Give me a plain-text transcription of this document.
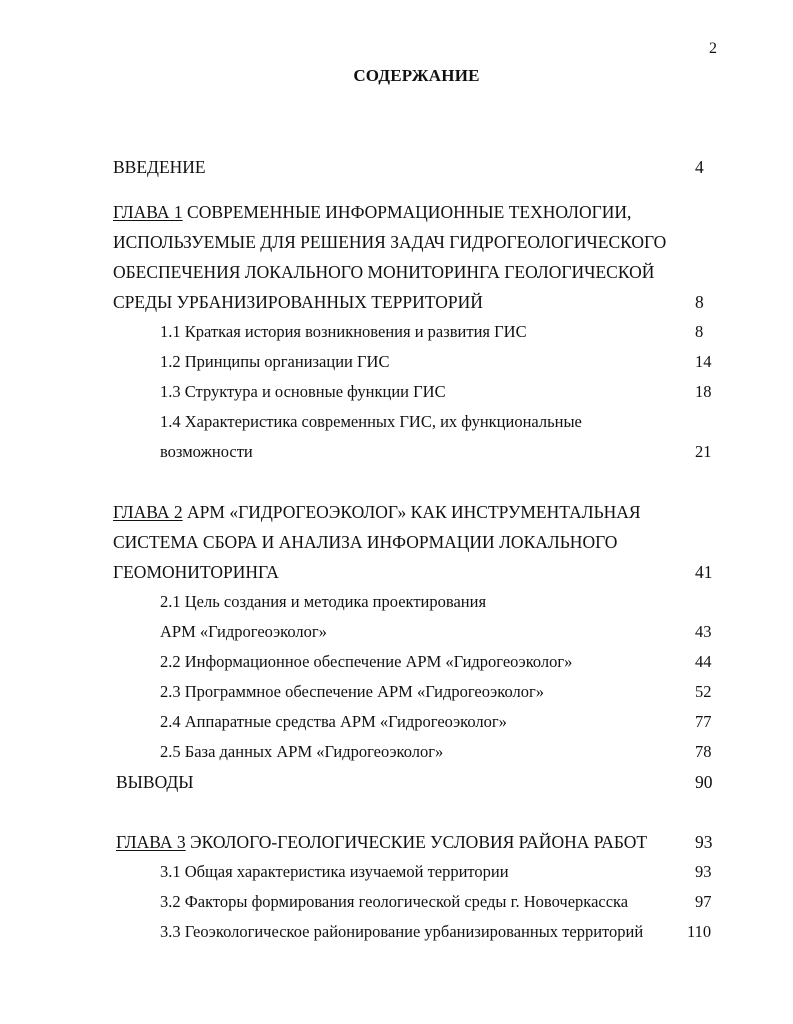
2
СОДЕРЖАНИЕ
ВВЕДЕНИЕ	4
ГЛАВА 1 СОВРЕМЕННЫЕ ИНФОРМАЦИОННЫЕ ТЕХНОЛОГИИ,
ИСПОЛЬЗУЕМЫЕ ДЛЯ РЕШЕНИЯ ЗАДАЧ ГИДРОГЕОЛОГИЧЕСКОГО
ОБЕСПЕЧЕНИЯ ЛОКАЛЬНОГО МОНИТОРИНГА ГЕОЛОГИЧЕСКОЙ
СРЕДЫ УРБАНИЗИРОВАННЫХ ТЕРРИТОРИЙ	8
1.1 Краткая история возникновения и развития ГИС	8
1.2 Принципы организации ГИС	14
1.3 Структура и основные функции ГИС	18
1.4 Характеристика современных ГИС, их функциональные
возможности	21
ГЛАВА 2 АРМ «ГИДРОГЕОЭКОЛОГ» КАК ИНСТРУМЕНТАЛЬНАЯ
СИСТЕМА СБОРА И АНАЛИЗА ИНФОРМАЦИИ ЛОКАЛЬНОГО
ГЕОМОНИТОРИНГА	41
2.1 Цель создания и методика проектирования
АРМ «Гидрогеоэколог»	43
2.2 Информационное обеспечение АРМ «Гидрогеоэколог»	44
2.3 Программное обеспечение АРМ «Гидрогеоэколог»	52
2.4 Аппаратные средства АРМ «Гидрогеоэколог»	77
2.5 База данных АРМ «Гидрогеоэколог»	78
ВЫВОДЫ	90
ГЛАВА 3 ЭКОЛОГО-ГЕОЛОГИЧЕСКИЕ УСЛОВИЯ РАЙОНА РАБОТ	93
3.1 Общая характеристика изучаемой территории	93
3.2 Факторы формирования геологической среды г. Новочеркасска	97
3.3 Геоэкологическое районирование урбанизированных территорий	110
